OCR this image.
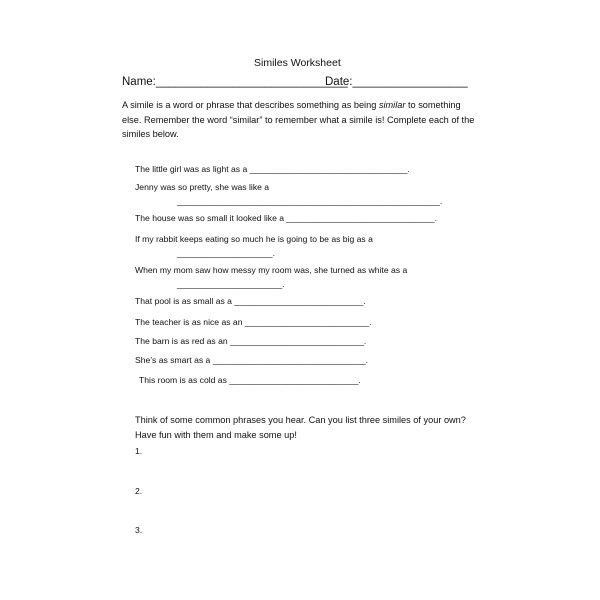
Similes Worksheet
Name:______________________________
Date:__________________
A simile is a word or phrase that describes something as being similar to something else. Remember the word “similar” to remember what a simile is! Complete each of the similes below.
The little girl was as light as a _________________________________.
Jenny was so pretty, she was like a
_______________________________________________________.
The house was so small it looked like a _______________________________.
If my rabbit keeps eating so much he is going to be as big as a
____________________.
When my mom saw how messy my room was, she turned as white as a
______________________.
That pool is as small as a ___________________________.
The teacher is as nice as an __________________________.
The barn is as red as an ____________________________.
She’s as smart as a ________________________________.
This room is as cold as ___________________________.
Think of some common phrases you hear. Can you list three similes of your own? Have fun with them and make some up!
1.
2.
3.
